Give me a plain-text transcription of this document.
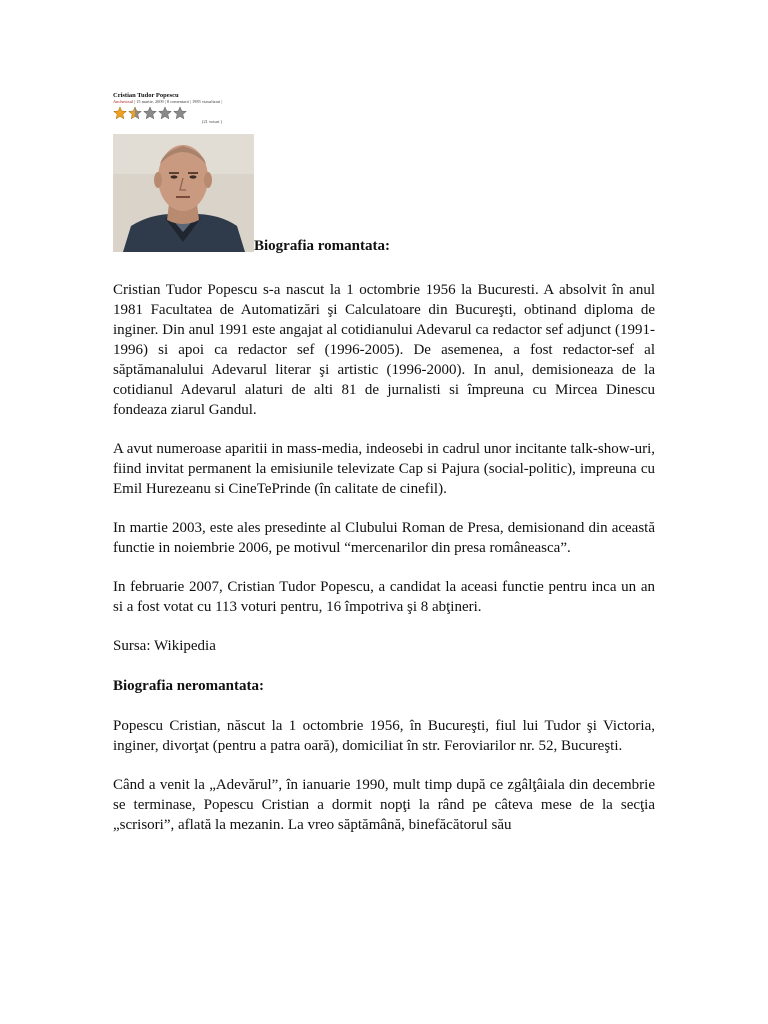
Cristian Tudor Popescu
Anchetosul | 15 martie, 2009 | 8 comentarii | 1985 vizualizari |
(21 voturi )
Biografia romantata:

Cristian Tudor Popescu s-a nascut la 1 octombrie 1956 la Bucuresti. A absolvit în anul 1981 Facultatea de Automatizări şi Calculatoare din Bucureşti, obtinand diploma de inginer. Din anul 1991 este angajat al cotidianului Adevarul ca redactor sef adjunct (1991-1996) si apoi ca redactor sef (1996-2005). De asemenea, a fost redactor-sef al săptămanalului Adevarul literar şi artistic (1996-2000). In anul, demisioneaza de la cotidianul Adevarul alaturi de alti 81 de jurnalisti si împreuna cu Mircea Dinescu fondeaza ziarul Gandul.

A avut numeroase aparitii in mass-media, indeosebi in cadrul unor incitante talk-show-uri, fiind invitat permanent la emisiunile televizate Cap si Pajura (social-politic), impreuna cu Emil Hurezeanu si CineTePrinde (în calitate de cinefil).

In martie 2003, este ales presedinte al Clubului Roman de Presa, demisionand din această functie in noiembrie 2006, pe motivul “mercenarilor din presa româneasca”.

In februarie 2007, Cristian Tudor Popescu, a candidat la aceasi functie pentru inca un an si a fost votat cu 113 voturi pentru, 16 împotriva şi 8 abţineri.

Sursa: Wikipedia

Biografia neromantata:

Popescu Cristian, născut la 1 octombrie 1956, în Bucureşti, fiul lui Tudor şi Victoria, inginer, divorţat (pentru a patra oară), domiciliat în str. Feroviarilor nr. 52, Bucureşti.

Când a venit la „Adevărul”, în ianuarie 1990, mult timp după ce zgâlţâiala din decembrie se terminase, Popescu Cristian a dormit nopţi la rând pe câteva mese de la secţia „scrisori”, aflată la mezanin. La vreo săptămână, binefăcătorul său
